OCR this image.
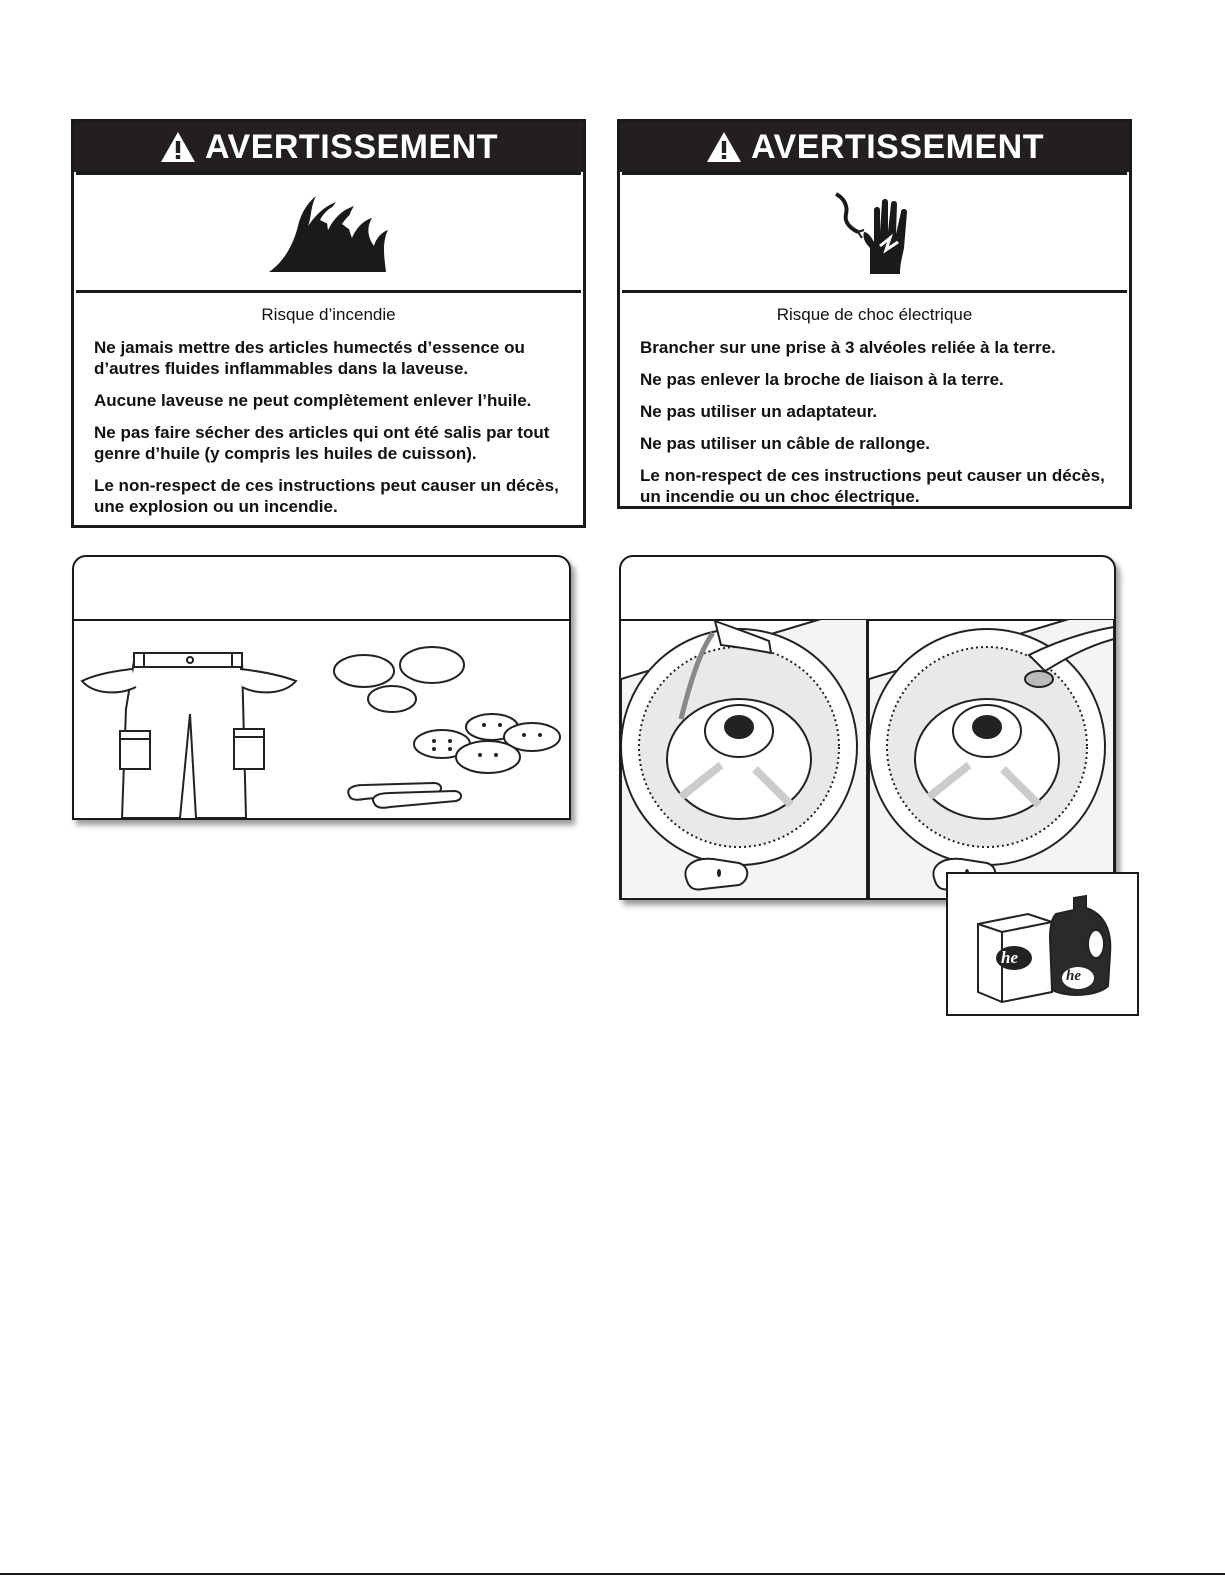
AVERTISSEMENT

Risque d’incendie

Ne jamais mettre des articles humectés d’essence ou d’autres fluides inflammables dans la laveuse.

Aucune laveuse ne peut complètement enlever l’huile.

Ne pas faire sécher des articles qui ont été salis par tout genre d’huile (y compris les huiles de cuisson).

Le non-respect de ces instructions peut causer un décès, une explosion ou un incendie.

AVERTISSEMENT

Risque de choc électrique

Brancher sur une prise à 3 alvéoles reliée à la terre.

Ne pas enlever la broche de liaison à la terre.

Ne pas utiliser un adaptateur.

Ne pas utiliser un câble de rallonge.

Le non-respect de ces instructions peut causer un décès, un incendie ou un choc électrique.

he
he
